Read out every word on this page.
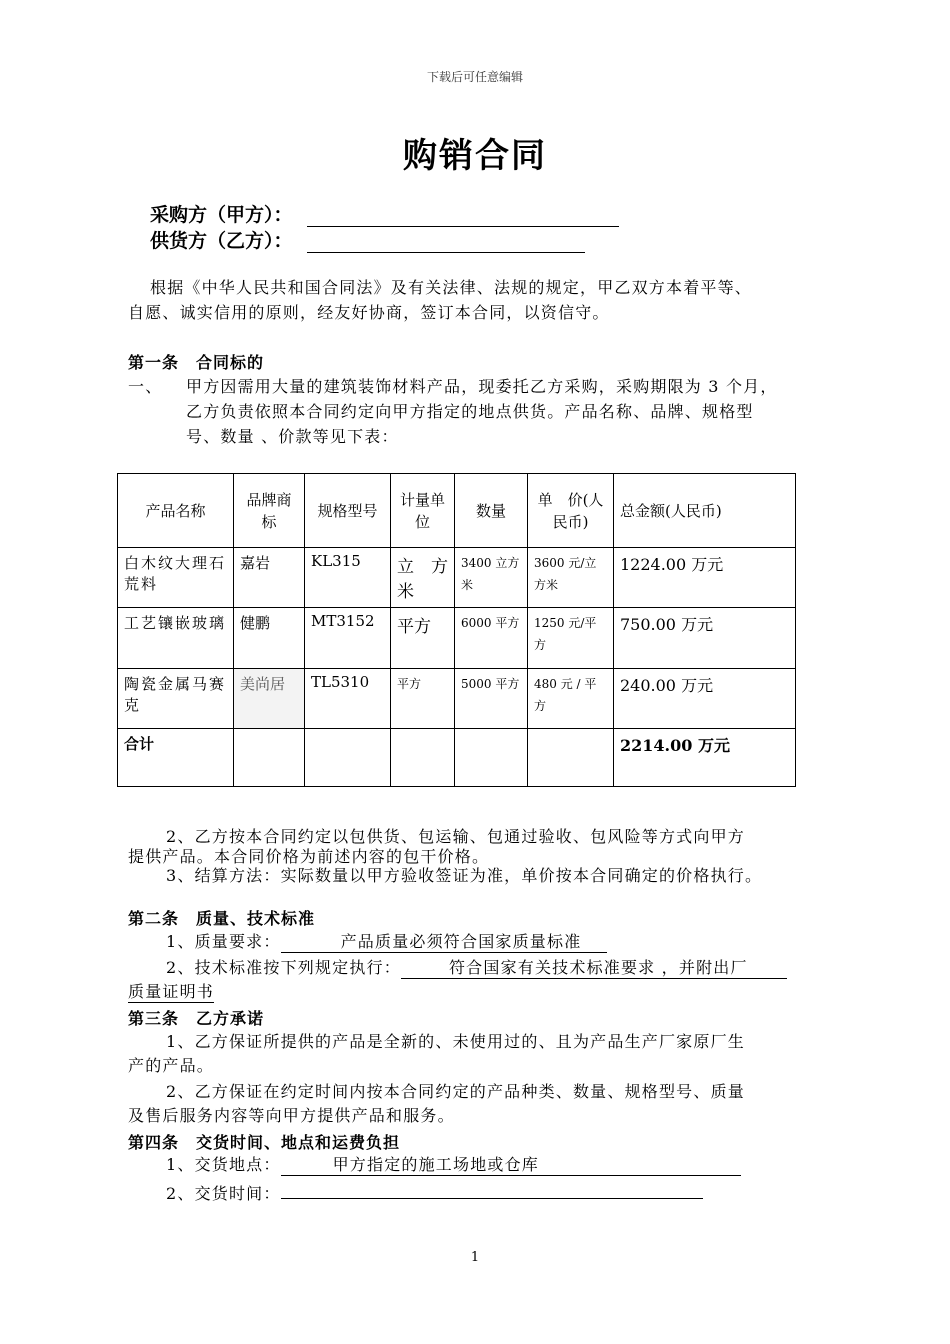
下载后可任意编辑
购销合同
采购方（甲方）：
供货方（乙方）：
根据《中华人民共和国合同法》及有关法律、法规的规定，甲乙双方本着平等、
自愿、诚实信用的原则，经友好协商，签订本合同，以资信守。
第一条　合同标的
一、 甲方因需用大量的建筑装饰材料产品，现委托乙方采购，采购期限为 3 个月，
乙方负责依照本合同约定向甲方指定的地点供货。产品名称、品牌、规格型
号、数量 、价款等见下表：
产品名称	品牌商标	规格型号	计量单位	数量	单　价(人民币)	总金额(人民币)
白木纹大理石荒料	嘉岩	KL315	立　方米	3400 立方米	3600 元/立方米	1224.00 万元
工艺镶嵌玻璃	健鹏	MT3152	平方	6000 平方	1250 元/平方	750.00 万元
陶瓷金属马赛克	美尚居	TL5310	平方	5000 平方	480 元 / 平方	240.00 万元
合计						2214.00 万元
2、乙方按本合同约定以包供货、包运输、包通过验收、包风险等方式向甲方
提供产品。本合同价格为前述内容的包干价格。
3、结算方法：实际数量以甲方验收签证为准，单价按本合同确定的价格执行。
第二条　质量、技术标准
1、质量要求：	产品质量必须符合国家质量标准
2、技术标准按下列规定执行：	符合国家有关技术标准要求 ，并附出厂
质量证明书
第三条　乙方承诺
1、乙方保证所提供的产品是全新的、未使用过的、且为产品生产厂家原厂生
产的产品。
2、乙方保证在约定时间内按本合同约定的产品种类、数量、规格型号、质量
及售后服务内容等向甲方提供产品和服务。
第四条　交货时间、地点和运费负担
1、交货地点：	甲方指定的施工场地或仓库
2、交货时间：
1
